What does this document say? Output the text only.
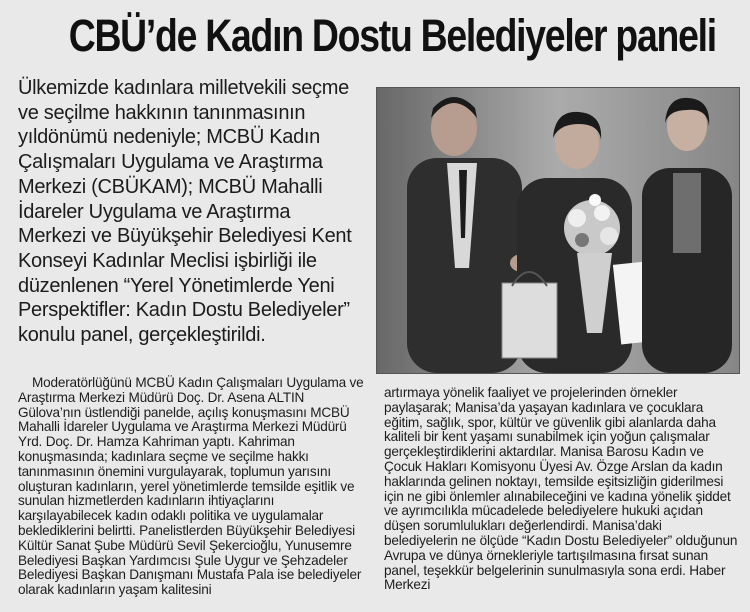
CBÜ’de Kadın Dostu Belediyeler paneli

Ülkemizde kadınlara milletvekili seçme ve seçilme hakkının tanınmasının yıldönümü nedeniyle; MCBÜ Kadın Çalışmaları Uygulama ve Araştırma Merkezi (CBÜKAM); MCBÜ Mahalli İdareler Uygulama ve Araştırma Merkezi ve Büyükşehir Belediyesi Kent Konseyi Kadınlar Meclisi işbirliği ile düzenlenen “Yerel Yönetimlerde Yeni Perspektifler: Kadın Dostu Belediyeler” konulu panel, gerçekleştirildi.

Moderatörlüğünü MCBÜ Kadın Çalışmaları Uygulama ve Araştırma Merkezi Müdürü Doç. Dr. Asena ALTIN Gülova’nın üstlendiği panelde, açılış konuşmasını MCBÜ Mahalli İdareler Uygulama ve Araştırma Merkezi Müdürü Yrd. Doç. Dr. Hamza Kahriman yaptı. Kahriman konuşmasında; kadınlara seçme ve seçilme hakkı tanınmasının önemini vurgulayarak, toplumun yarısını oluşturan kadınların, yerel yönetimlerde temsilde eşitlik ve sunulan hizmetlerden kadınların ihtiyaçlarını karşılayabilecek kadın odaklı politika ve uygulamalar beklediklerini belirtti. Panelistlerden Büyükşehir Belediyesi Kültür Sanat Şube Müdürü Sevil Şekercioğlu, Yunusemre Belediyesi Başkan Yardımcısı Şule Uygur ve Şehzadeler Belediyesi Başkan Danışmanı Mustafa Pala ise belediyeler olarak kadınların yaşam kalitesini

artırmaya yönelik faaliyet ve projelerinden örnekler paylaşarak; Manisa’da yaşayan kadınlara ve çocuklara eğitim, sağlık, spor, kültür ve güvenlik gibi alanlarda daha kaliteli bir kent yaşamı sunabilmek için yoğun çalışmalar gerçekleştirdiklerini aktardılar. Manisa Barosu Kadın ve Çocuk Hakları Komisyonu Üyesi Av. Özge Arslan da kadın haklarında gelinen noktayı, temsilde eşitsizliğin giderilmesi için ne gibi önlemler alınabileceğini ve kadına yönelik şiddet ve ayrımcılıkla mücadelede belediyelere hukuki açıdan düşen sorumlulukları değerlendirdi. Manisa’daki belediyelerin ne ölçüde “Kadın Dostu Belediyeler” olduğunun Avrupa ve dünya örnekleriyle tartışılmasına fırsat sunan panel, teşekkür belgelerinin sunulmasıyla sona erdi. Haber Merkezi
